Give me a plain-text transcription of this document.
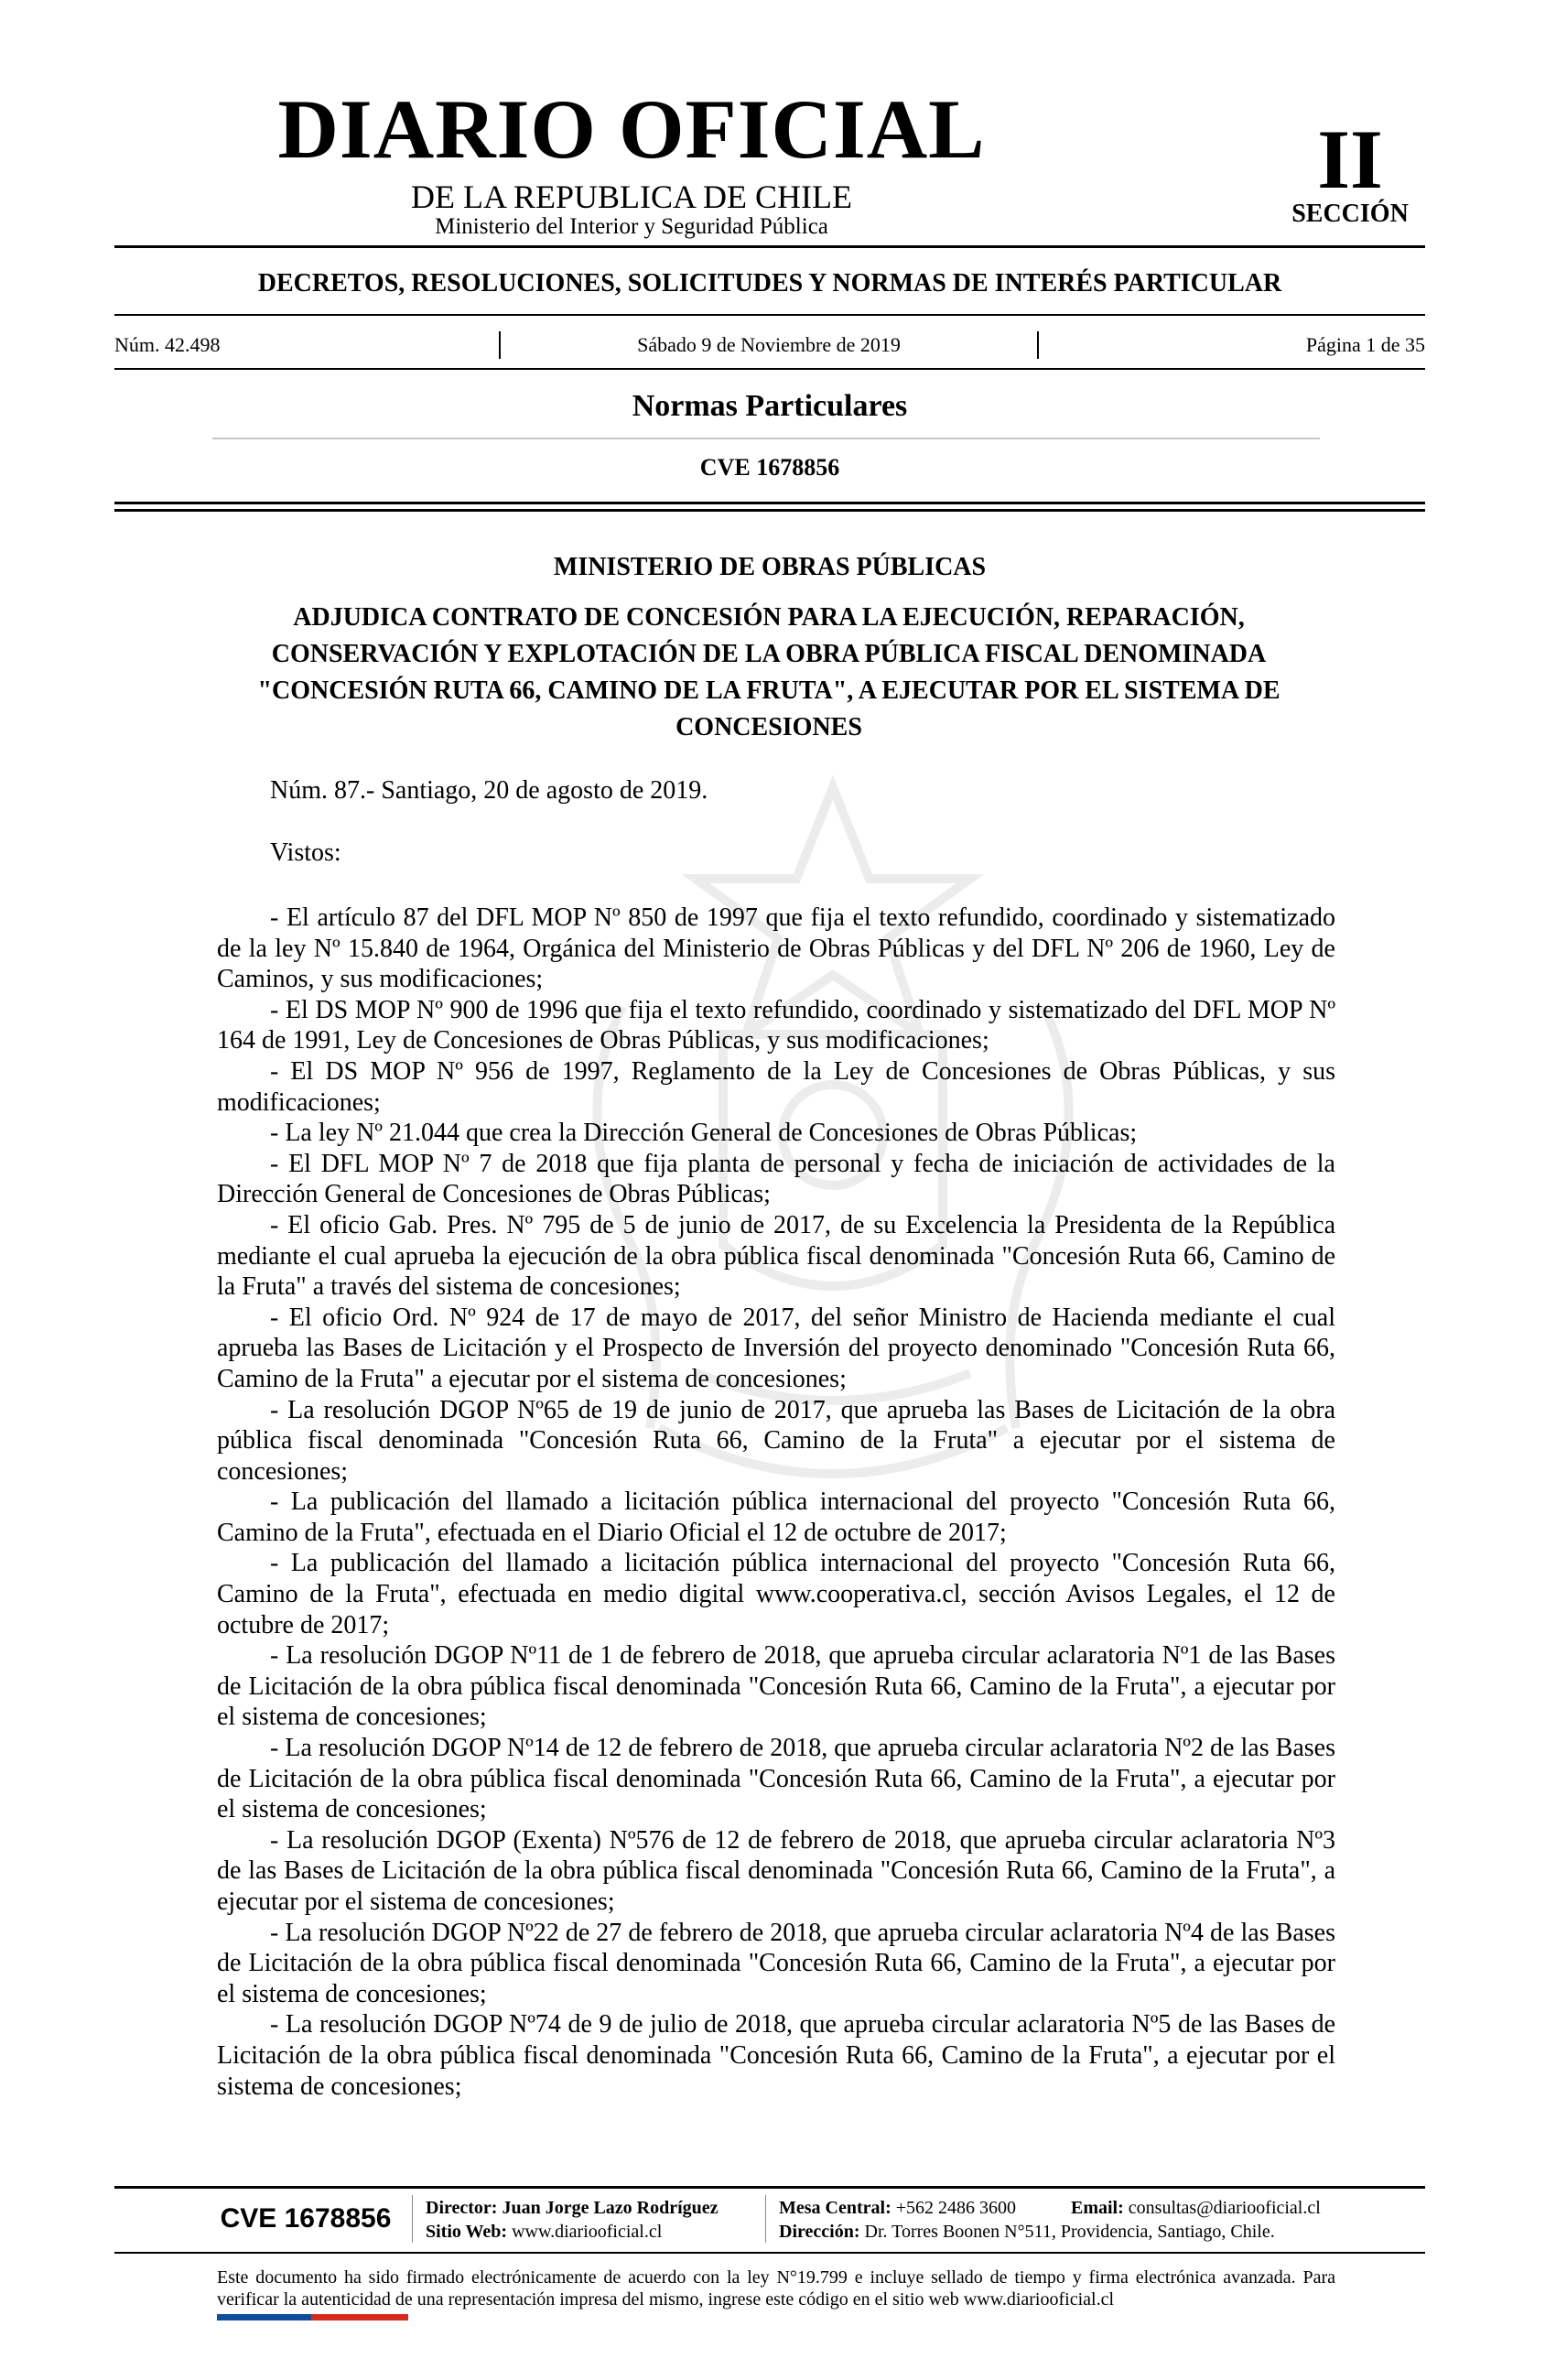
DIARIO OFICIAL
DE LA REPUBLICA DE CHILE
Ministerio del Interior y Seguridad Pública
II
SECCIÓN
DECRETOS, RESOLUCIONES, SOLICITUDES Y NORMAS DE INTERÉS PARTICULAR
Núm. 42.498	Sábado 9 de Noviembre de 2019	Página 1 de 35
Normas Particulares
CVE 1678856
MINISTERIO DE OBRAS PÚBLICAS

ADJUDICA CONTRATO DE CONCESIÓN PARA LA EJECUCIÓN, REPARACIÓN, CONSERVACIÓN Y EXPLOTACIÓN DE LA OBRA PÚBLICA FISCAL DENOMINADA "CONCESIÓN RUTA 66, CAMINO DE LA FRUTA", A EJECUTAR POR EL SISTEMA DE CONCESIONES

Núm. 87.- Santiago, 20 de agosto de 2019.
Vistos:
- El artículo 87 del DFL MOP Nº 850 de 1997 que fija el texto refundido, coordinado y sistematizado de la ley Nº 15.840 de 1964, Orgánica del Ministerio de Obras Públicas y del DFL Nº 206 de 1960, Ley de Caminos, y sus modificaciones;
- El DS MOP Nº 900 de 1996 que fija el texto refundido, coordinado y sistematizado del DFL MOP Nº 164 de 1991, Ley de Concesiones de Obras Públicas, y sus modificaciones;
- El DS MOP Nº 956 de 1997, Reglamento de la Ley de Concesiones de Obras Públicas, y sus modificaciones;
- La ley Nº 21.044 que crea la Dirección General de Concesiones de Obras Públicas;
- El DFL MOP Nº 7 de 2018 que fija planta de personal y fecha de iniciación de actividades de la Dirección General de Concesiones de Obras Públicas;
- El oficio Gab. Pres. Nº 795 de 5 de junio de 2017, de su Excelencia la Presidenta de la República mediante el cual aprueba la ejecución de la obra pública fiscal denominada "Concesión Ruta 66, Camino de la Fruta" a través del sistema de concesiones;
- El oficio Ord. Nº 924 de 17 de mayo de 2017, del señor Ministro de Hacienda mediante el cual aprueba las Bases de Licitación y el Prospecto de Inversión del proyecto denominado "Concesión Ruta 66, Camino de la Fruta" a ejecutar por el sistema de concesiones;
- La resolución DGOP Nº65 de 19 de junio de 2017, que aprueba las Bases de Licitación de la obra pública fiscal denominada "Concesión Ruta 66, Camino de la Fruta" a ejecutar por el sistema de concesiones;
- La publicación del llamado a licitación pública internacional del proyecto "Concesión Ruta 66, Camino de la Fruta", efectuada en el Diario Oficial el 12 de octubre de 2017;
- La publicación del llamado a licitación pública internacional del proyecto "Concesión Ruta 66, Camino de la Fruta", efectuada en medio digital www.cooperativa.cl, sección Avisos Legales, el 12 de octubre de 2017;
- La resolución DGOP Nº11 de 1 de febrero de 2018, que aprueba circular aclaratoria Nº1 de las Bases de Licitación de la obra pública fiscal denominada "Concesión Ruta 66, Camino de la Fruta", a ejecutar por el sistema de concesiones;
- La resolución DGOP Nº14 de 12 de febrero de 2018, que aprueba circular aclaratoria Nº2 de las Bases de Licitación de la obra pública fiscal denominada "Concesión Ruta 66, Camino de la Fruta", a ejecutar por el sistema de concesiones;
- La resolución DGOP (Exenta) Nº576 de 12 de febrero de 2018, que aprueba circular aclaratoria Nº3 de las Bases de Licitación de la obra pública fiscal denominada "Concesión Ruta 66, Camino de la Fruta", a ejecutar por el sistema de concesiones;
- La resolución DGOP Nº22 de 27 de febrero de 2018, que aprueba circular aclaratoria Nº4 de las Bases de Licitación de la obra pública fiscal denominada "Concesión Ruta 66, Camino de la Fruta", a ejecutar por el sistema de concesiones;
- La resolución DGOP Nº74 de 9 de julio de 2018, que aprueba circular aclaratoria Nº5 de las Bases de Licitación de la obra pública fiscal denominada "Concesión Ruta 66, Camino de la Fruta", a ejecutar por el sistema de concesiones;
CVE 1678856	Director: Juan Jorge Lazo Rodríguez
Sitio Web: www.diariooficial.cl
Mesa Central: +562 2486 3600	Email: consultas@diariooficial.cl
Dirección: Dr. Torres Boonen N°511, Providencia, Santiago, Chile.

Este documento ha sido firmado electrónicamente de acuerdo con la ley N°19.799 e incluye sellado de tiempo y firma electrónica avanzada. Para verificar la autenticidad de una representación impresa del mismo, ingrese este código en el sitio web www.diariooficial.cl
